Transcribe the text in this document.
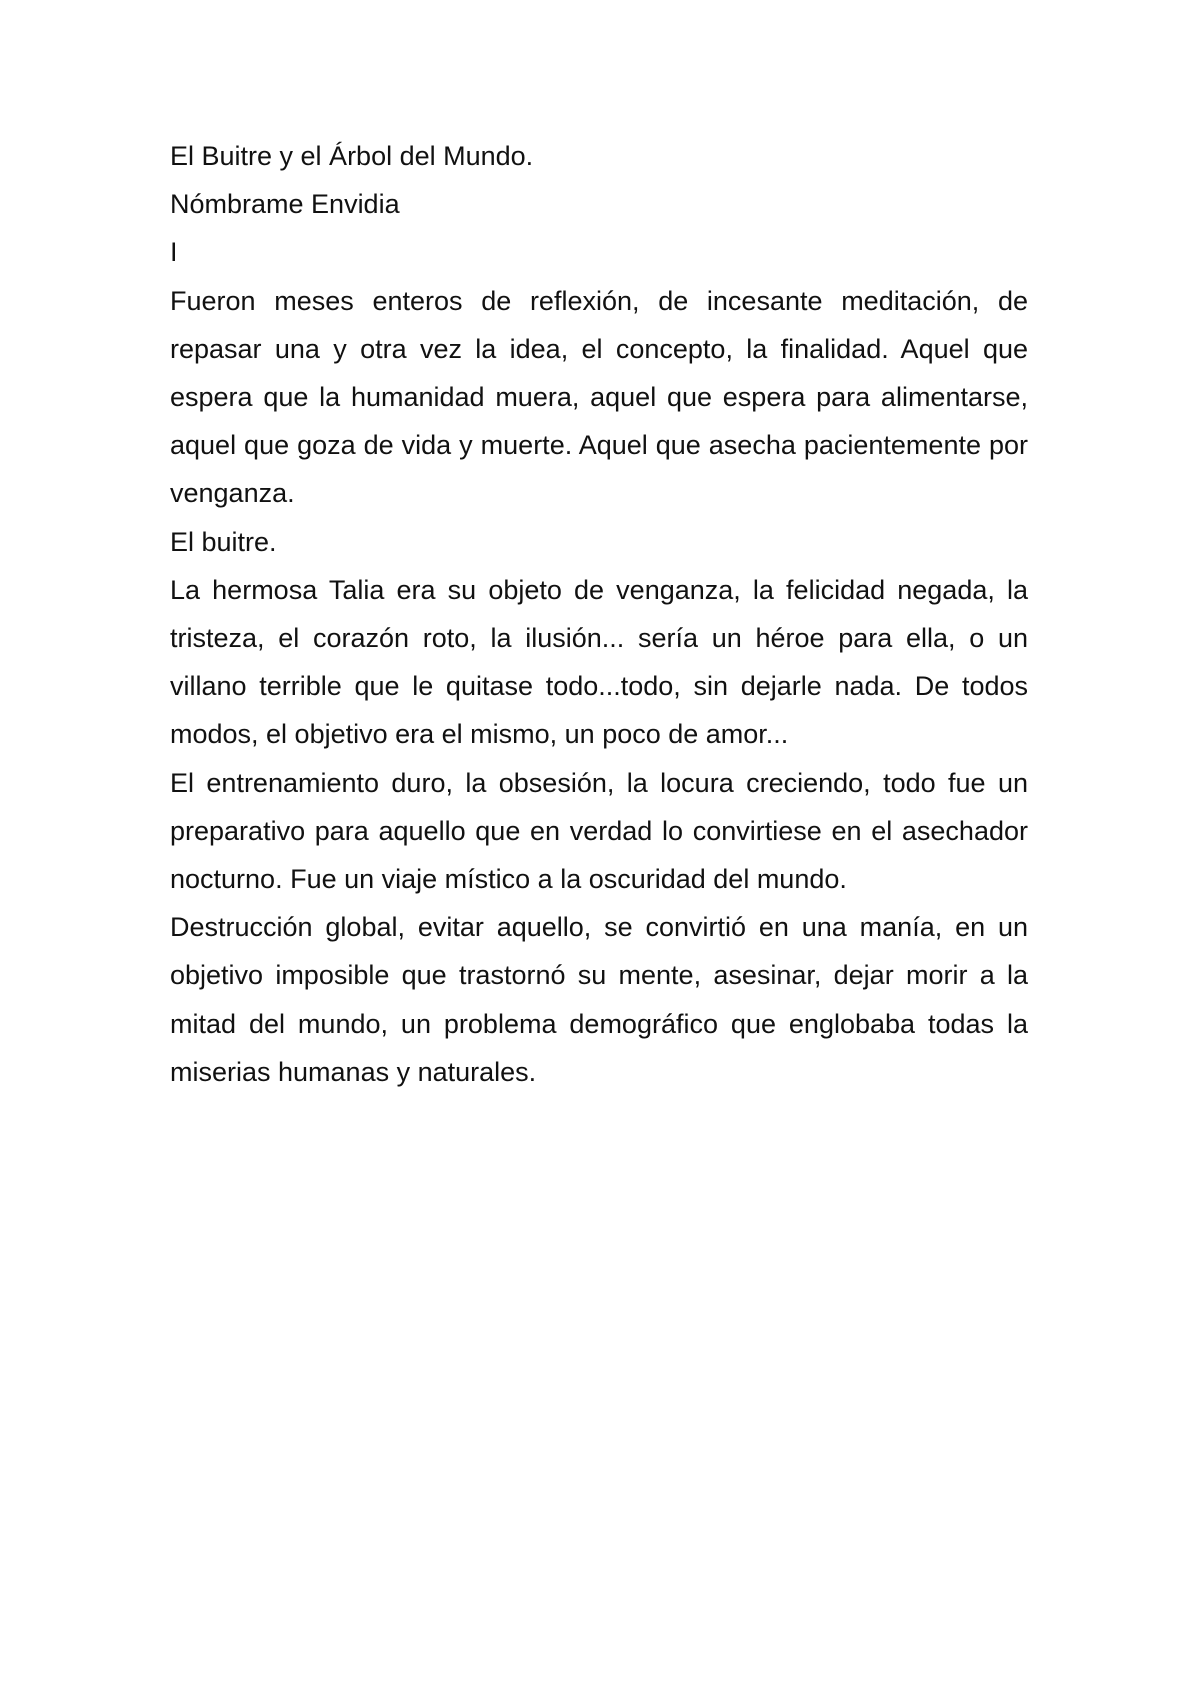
El Buitre y el Árbol del Mundo.

Nómbrame Envidia

I

Fueron meses enteros de reflexión, de incesante meditación, de repasar una y otra vez la idea, el concepto, la finalidad. Aquel que espera que la humanidad muera, aquel que espera para alimentarse, aquel que goza de vida y muerte. Aquel que asecha pacientemente por venganza.

El buitre.

La hermosa Talia era su objeto de venganza, la felicidad negada, la tristeza, el corazón roto, la ilusión... sería un héroe para ella, o un villano terrible que le quitase todo...todo, sin dejarle nada. De todos modos, el objetivo era el mismo, un poco de amor...

El entrenamiento duro, la obsesión, la locura creciendo, todo fue un preparativo para aquello que en verdad lo convirtiese en el asechador nocturno. Fue un viaje místico a la oscuridad del mundo.

Destrucción global, evitar aquello, se convirtió en una manía, en un objetivo imposible que trastornó su mente, asesinar, dejar morir a la mitad del mundo, un problema demográfico que englobaba todas la miserias humanas y naturales.
